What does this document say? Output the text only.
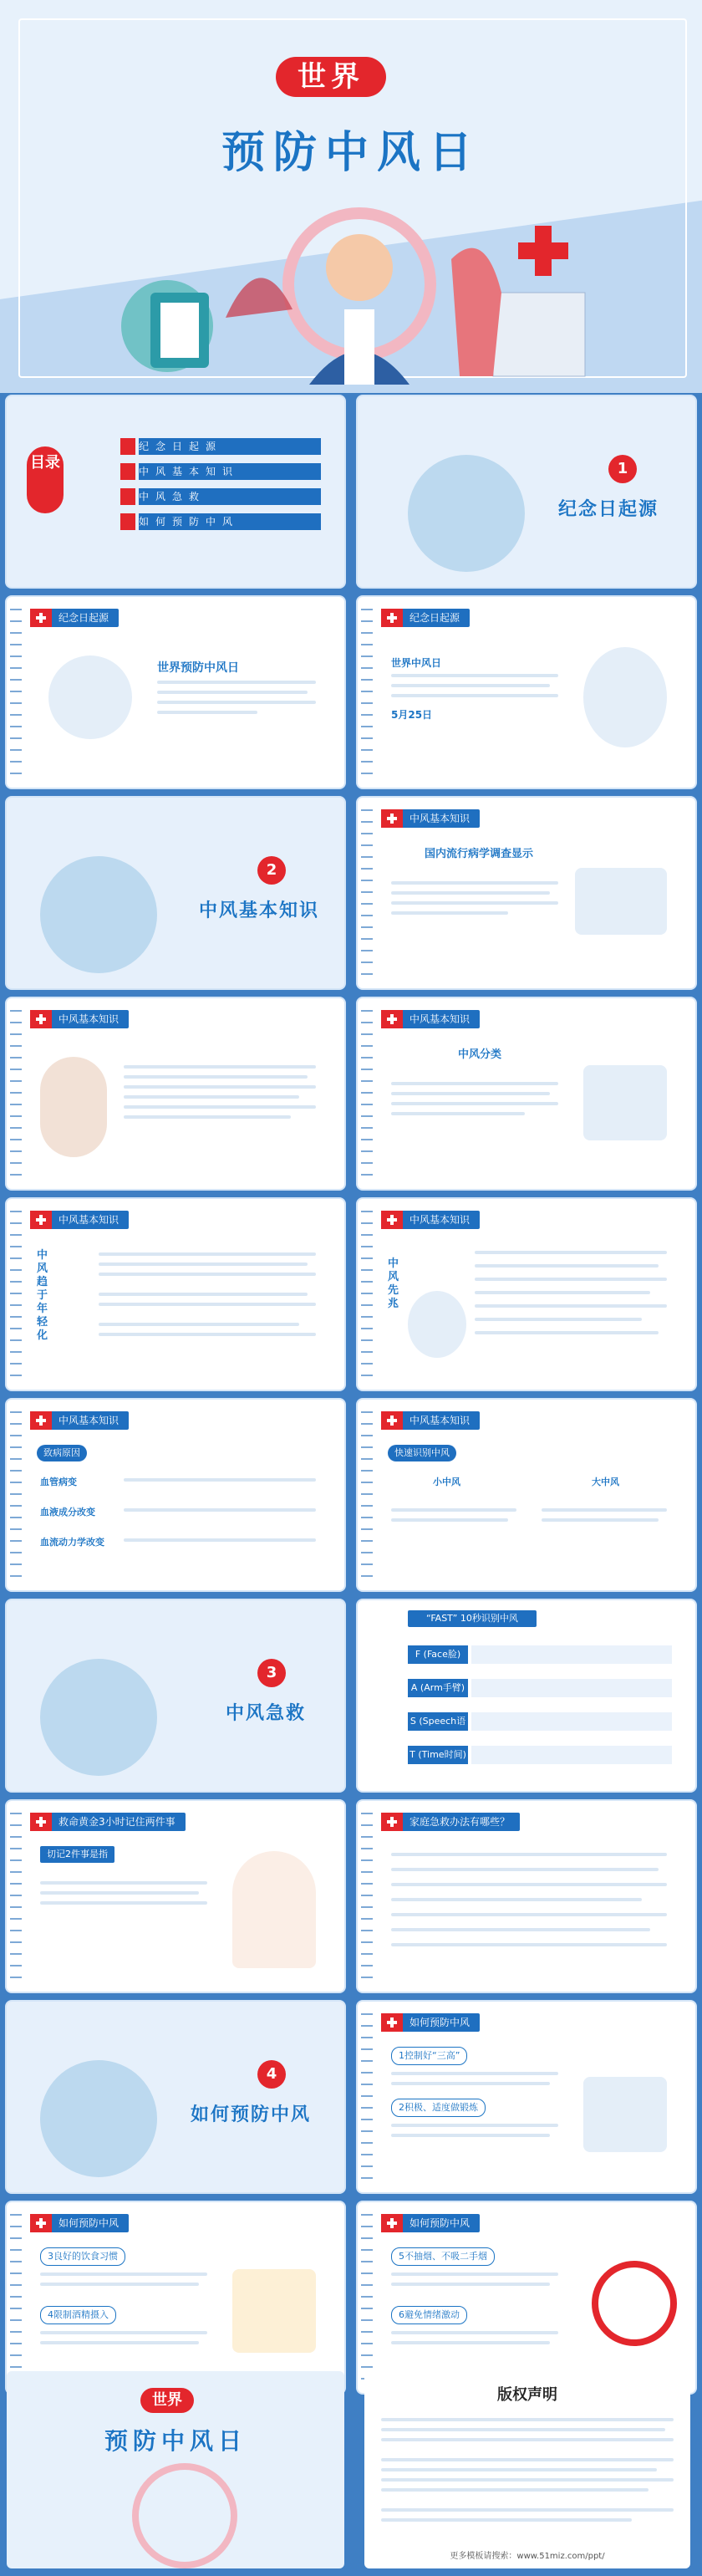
世界
预防中风日
目录
纪念日起源
中风基本知识
中风急救
如何预防中风
1
纪念日起源
纪念日起源
世界预防中风日
纪念日起源
世界中风日
5月25日
2
中风基本知识
中风基本知识
国内流行病学调查显示
中风基本知识	中风基本知识
中风分类
中风基本知识
中风趋于年轻化
中风基本知识
中风先兆
中风基本知识
致病原因
血管病变
血液成分改变
血流动力学改变
中风基本知识
快速识别中风
小中风	大中风
3
中风急救
“FAST” 10秒识别中风
F (Face脸)
A (Arm手臂)
S (Speech语言)
T (Time时间)
救命黄金3小时记住两件事
切记2件事是指
家庭急救办法有哪些？
4
如何预防中风
如何预防中风
1控制好“三高”
2积极、适度做锻炼
如何预防中风
3良好的饮食习惯
4限制酒精摄入
如何预防中风
5不抽烟、不吸二手烟
6避免情绪激动
世界
预防中风日
版权声明
更多模板请搜索：www.51miz.com/ppt/
